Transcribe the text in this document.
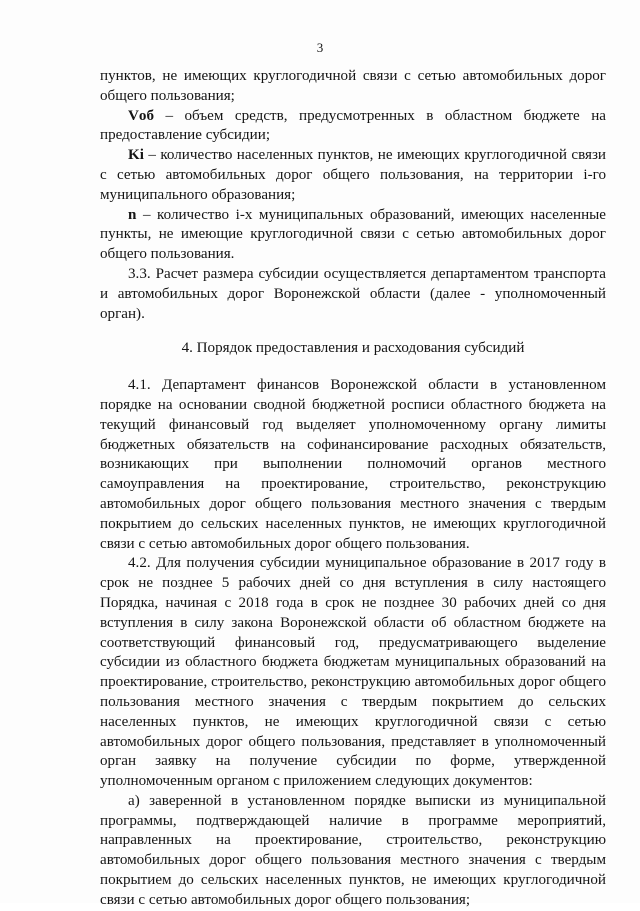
3

пунктов, не имеющих круглогодичной связи с сетью автомобильных дорог общего пользования;

Vоб – объем средств, предусмотренных в областном бюджете на предоставление субсидии;

Ki – количество населенных пунктов, не имеющих круглогодичной связи с сетью автомобильных дорог общего пользования, на территории i-го муниципального образования;

n – количество i-х муниципальных образований, имеющих населенные пункты, не имеющие круглогодичной связи с сетью автомобильных дорог общего пользования.

3.3. Расчет размера субсидии осуществляется департаментом транспорта и автомобильных дорог Воронежской области (далее - уполномоченный орган).

4. Порядок предоставления и расходования субсидий

4.1. Департамент финансов Воронежской области в установленном порядке на основании сводной бюджетной росписи областного бюджета на текущий финансовый год выделяет уполномоченному органу лимиты бюджетных обязательств на софинансирование расходных обязательств, возникающих при выполнении полномочий органов местного самоуправления на проектирование, строительство, реконструкцию автомобильных дорог общего пользования местного значения с твердым покрытием до сельских населенных пунктов, не имеющих круглогодичной связи с сетью автомобильных дорог общего пользования.

4.2. Для получения субсидии муниципальное образование в 2017 году в срок не позднее 5 рабочих дней со дня вступления в силу настоящего Порядка, начиная с 2018 года в срок не позднее 30 рабочих дней со дня вступления в силу закона Воронежской области об областном бюджете на соответствующий финансовый год, предусматривающего выделение субсидии из областного бюджета бюджетам муниципальных образований на проектирование, строительство, реконструкцию автомобильных дорог общего пользования местного значения с твердым покрытием до сельских населенных пунктов, не имеющих круглогодичной связи с сетью автомобильных дорог общего пользования, представляет в уполномоченный орган заявку на получение субсидии по форме, утвержденной уполномоченным органом с приложением следующих документов:

а) заверенной в установленном порядке выписки из муниципальной программы, подтверждающей наличие в программе мероприятий, направленных на проектирование, строительство, реконструкцию автомобильных дорог общего пользования местного значения с твердым покрытием до сельских населенных пунктов, не имеющих круглогодичной связи с сетью автомобильных дорог общего пользования;
